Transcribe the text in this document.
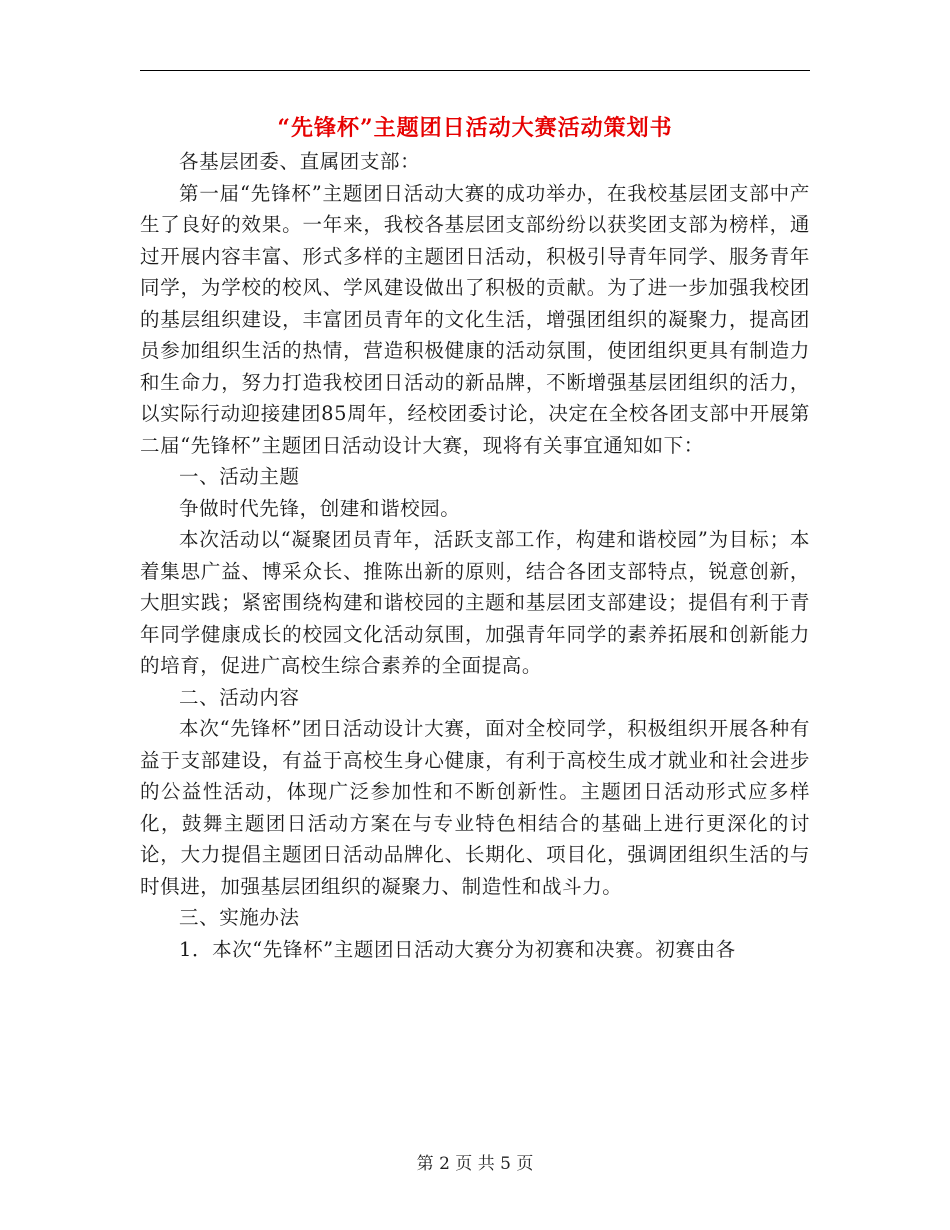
“先锋杯”主题团日活动大赛活动策划书

各基层团委、直属团支部：

第一届“先锋杯”主题团日活动大赛的成功举办，在我校基层团支部中产生了良好的效果。一年来，我校各基层团支部纷纷以获奖团支部为榜样，通过开展内容丰富、形式多样的主题团日活动，积极引导青年同学、服务青年同学，为学校的校风、学风建设做出了积极的贡献。为了进一步加强我校团的基层组织建设，丰富团员青年的文化生活，增强团组织的凝聚力，提高团员参加组织生活的热情，营造积极健康的活动氛围，使团组织更具有制造力和生命力，努力打造我校团日活动的新品牌，不断增强基层团组织的活力，以实际行动迎接建团85周年，经校团委讨论，决定在全校各团支部中开展第二届“先锋杯”主题团日活动设计大赛，现将有关事宜通知如下：

一、活动主题

争做时代先锋，创建和谐校园。

本次活动以“凝聚团员青年，活跃支部工作，构建和谐校园”为目标；本着集思广益、博采众长、推陈出新的原则，结合各团支部特点，锐意创新，大胆实践；紧密围绕构建和谐校园的主题和基层团支部建设；提倡有利于青年同学健康成长的校园文化活动氛围，加强青年同学的素养拓展和创新能力的培育，促进广高校生综合素养的全面提高。

二、活动内容

本次“先锋杯”团日活动设计大赛，面对全校同学，积极组织开展各种有益于支部建设，有益于高校生身心健康，有利于高校生成才就业和社会进步的公益性活动，体现广泛参加性和不断创新性。主题团日活动形式应多样化，鼓舞主题团日活动方案在与专业特色相结合的基础上进行更深化的讨论，大力提倡主题团日活动品牌化、长期化、项目化，强调团组织生活的与时俱进，加强基层团组织的凝聚力、制造性和战斗力。

三、实施办法

1．本次“先锋杯”主题团日活动大赛分为初赛和决赛。初赛由各

第 2 页 共 5 页
